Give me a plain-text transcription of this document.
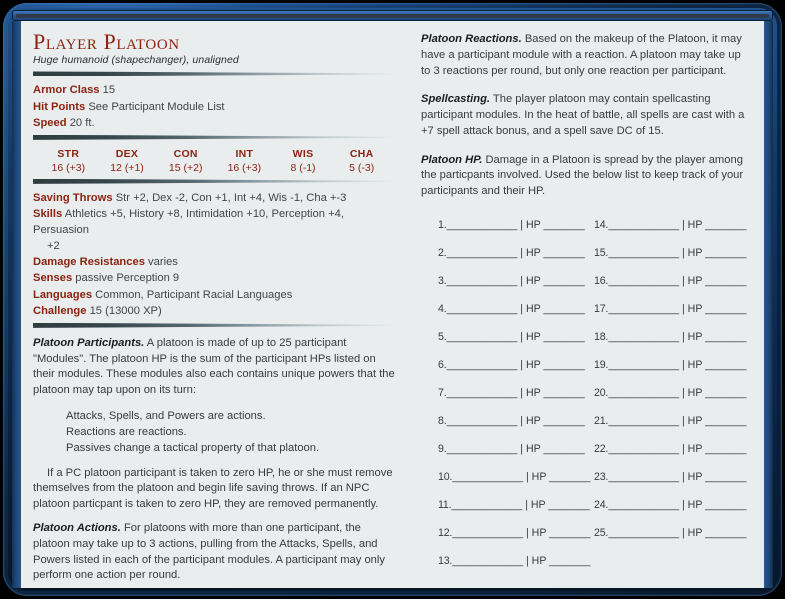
Player Platoon
Huge humanoid (shapechanger), unaligned
Armor Class 15
Hit Points See Participant Module List
Speed 20 ft.
STR
16 (+3)
DEX
12 (+1)
CON
15 (+2)
INT
16 (+3)
WIS
8 (-1)
CHA
5 (-3)
Saving Throws Str +2, Dex -2, Con +1, Int +4, Wis -1, Cha +-3
Skills Athletics +5, History +8, Intimidation +10, Perception +4, Persuasion
+2
Damage Resistances varies
Senses passive Perception 9
Languages Common, Participant Racial Languages
Challenge 15 (13000 XP)

Platoon Participants. A platoon is made of up to 25 participant "Modules". The platoon HP is the sum of the participant HPs listed on their modules. These modules also each contains unique powers that the platoon may tap upon on its turn:

Attacks, Spells, and Powers are actions.
Reactions are reactions.
Passives change a tactical property of that platoon.

If a PC platoon participant is taken to zero HP, he or she must remove themselves from the platoon and begin life saving throws. If an NPC platoon particpant is taken to zero HP, they are removed permanently.

Platoon Actions. For platoons with more than one participant, the platoon may take up to 3 actions, pulling from the Attacks, Spells, and Powers listed in each of the participant modules. A participant may only perform one action per round.

Platoon Reactions. Based on the makeup of the Platoon, it may have a participant module with a reaction. A platoon may take up to 3 reactions per round, but only one reaction per participant.

Spellcasting. The player platoon may contain spellcasting participant modules. In the heat of battle, all spells are cast with a +7 spell attack bonus, and a spell save DC of 15.

Platoon HP. Damage in a Platoon is spread by the player among the particpants involved. Used the below list to keep track of your participants and their HP.

1.____________ | HP _______
2.____________ | HP _______
3.____________ | HP _______
4.____________ | HP _______
5.____________ | HP _______
6.____________ | HP _______
7.____________ | HP _______
8.____________ | HP _______
9.____________ | HP _______
10.____________ | HP _______
11.____________ | HP _______
12.____________ | HP _______
13.____________ | HP _______
14.____________ | HP _______
15.____________ | HP _______
16.____________ | HP _______
17.____________ | HP _______
18.____________ | HP _______
19.____________ | HP _______
20.____________ | HP _______
21.____________ | HP _______
22.____________ | HP _______
23.____________ | HP _______
24.____________ | HP _______
25.____________ | HP _______
